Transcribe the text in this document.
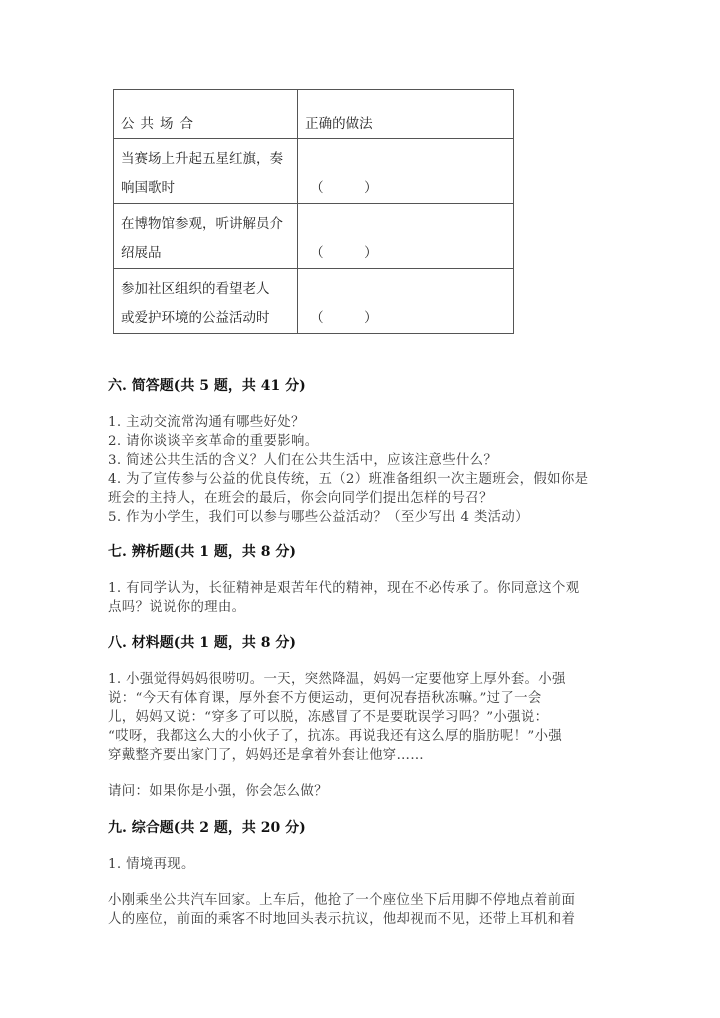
公共场合	正确的做法

当赛场上升起五星红旗，奏
响国歌时	（　　　）

在博物馆参观，听讲解员介
绍展品	（　　　）

参加社区组织的看望老人
或爱护环境的公益活动时	（　　　）
六. 简答题(共 5 题，共 41 分)
1. 主动交流常沟通有哪些好处？
2. 请你谈谈辛亥革命的重要影响。
3. 简述公共生活的含义？人们在公共生活中，应该注意些什么？
4. 为了宣传参与公益的优良传统，五（2）班准备组织一次主题班会，假如你是
班会的主持人，在班会的最后，你会向同学们提出怎样的号召？
5. 作为小学生，我们可以参与哪些公益活动？（至少写出 4 类活动）
七. 辨析题(共 1 题，共 8 分)
1. 有同学认为，长征精神是艰苦年代的精神，现在不必传承了。你同意这个观
点吗？说说你的理由。
八. 材料题(共 1 题，共 8 分)
1. 小强觉得妈妈很唠叨。一天，突然降温，妈妈一定要他穿上厚外套。小强
说：“今天有体育课，厚外套不方便运动，更何况春捂秋冻嘛。”过了一会
儿，妈妈又说：“穿多了可以脱，冻感冒了不是要耽误学习吗？”小强说：
“哎呀，我都这么大的小伙子了，抗冻。再说我还有这么厚的脂肪呢！”小强
穿戴整齐要出家门了，妈妈还是拿着外套让他穿……
请问：如果你是小强，你会怎么做？
九. 综合题(共 2 题，共 20 分)
1. 情境再现。
小刚乘坐公共汽车回家。上车后，他抢了一个座位坐下后用脚不停地点着前面
人的座位，前面的乘客不时地回头表示抗议，他却视而不见，还带上耳机和着
